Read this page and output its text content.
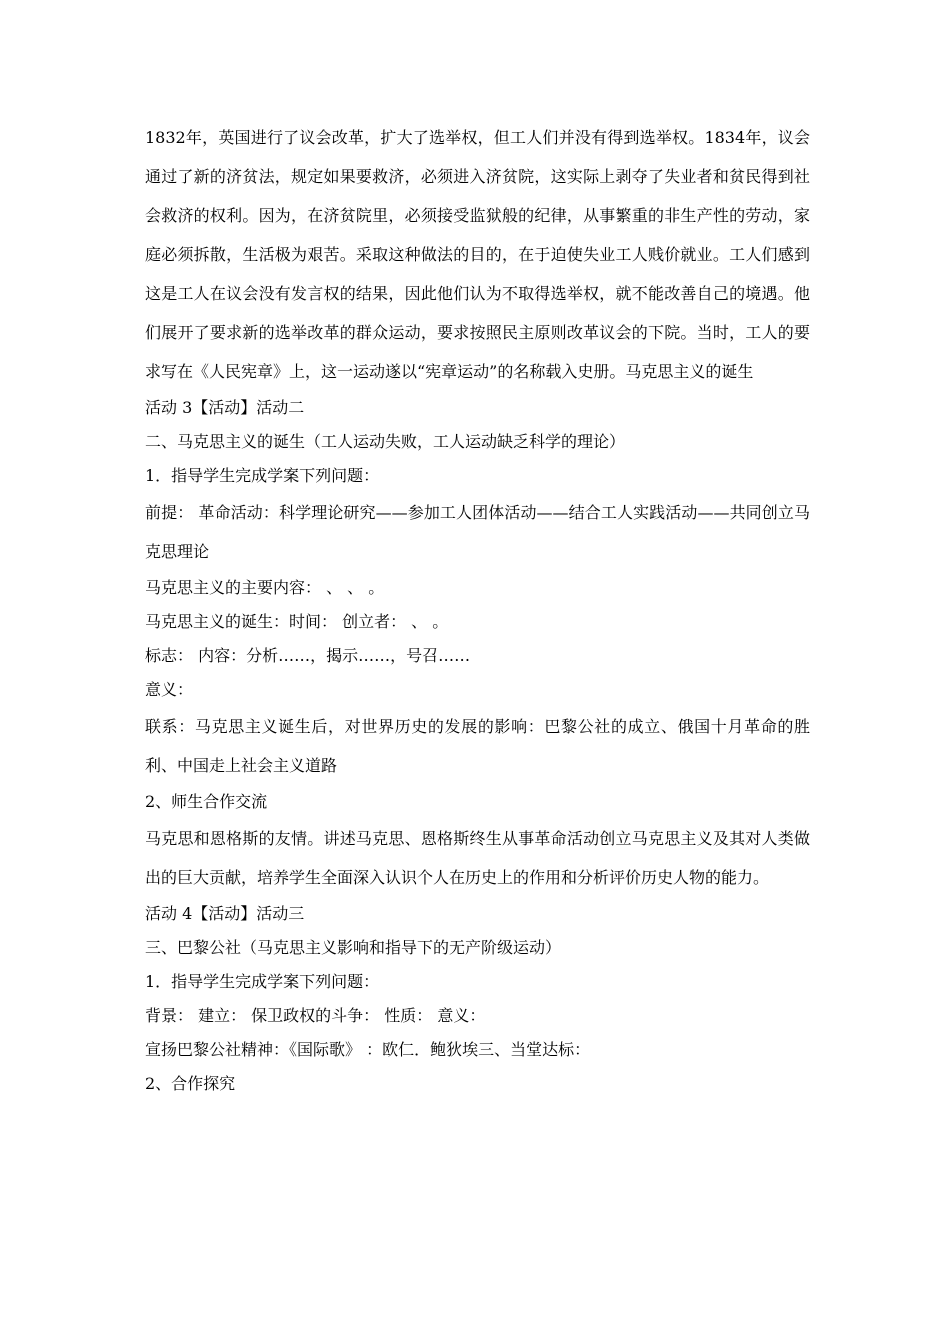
1832年，英国进行了议会改革，扩大了选举权，但工人们并没有得到选举权。1834年，议会通过了新的济贫法，规定如果要救济，必须进入济贫院，这实际上剥夺了失业者和贫民得到社会救济的权利。因为，在济贫院里，必须接受监狱般的纪律，从事繁重的非生产性的劳动，家庭必须拆散，生活极为艰苦。采取这种做法的目的，在于迫使失业工人贱价就业。工人们感到这是工人在议会没有发言权的结果，因此他们认为不取得选举权，就不能改善自己的境遇。他们展开了要求新的选举改革的群众运动，要求按照民主原则改革议会的下院。当时，工人的要求写在《人民宪章》上，这一运动遂以“宪章运动”的名称载入史册。马克思主义的诞生

活动 3【活动】活动二

二、马克思主义的诞生（工人运动失败，工人运动缺乏科学的理论）

1．指导学生完成学案下列问题：

前提： 革命活动：科学理论研究——参加工人团体活动——结合工人实践活动——共同创立马克思理论

马克思主义的主要内容： 、 、 。

马克思主义的诞生：时间： 创立者： 、 。

标志： 内容：分析……，揭示……，号召……

意义：

联系：马克思主义诞生后，对世界历史的发展的影响：巴黎公社的成立、俄国十月革命的胜利、中国走上社会主义道路

2、师生合作交流

马克思和恩格斯的友情。讲述马克思、恩格斯终生从事革命活动创立马克思主义及其对人类做出的巨大贡献，培养学生全面深入认识个人在历史上的作用和分析评价历史人物的能力。

活动 4【活动】活动三

三、巴黎公社（马克思主义影响和指导下的无产阶级运动）

1．指导学生完成学案下列问题：

背景： 建立： 保卫政权的斗争： 性质： 意义：

宣扬巴黎公社精神：《国际歌》 ：欧仁．鲍狄埃三、当堂达标：

2、合作探究
